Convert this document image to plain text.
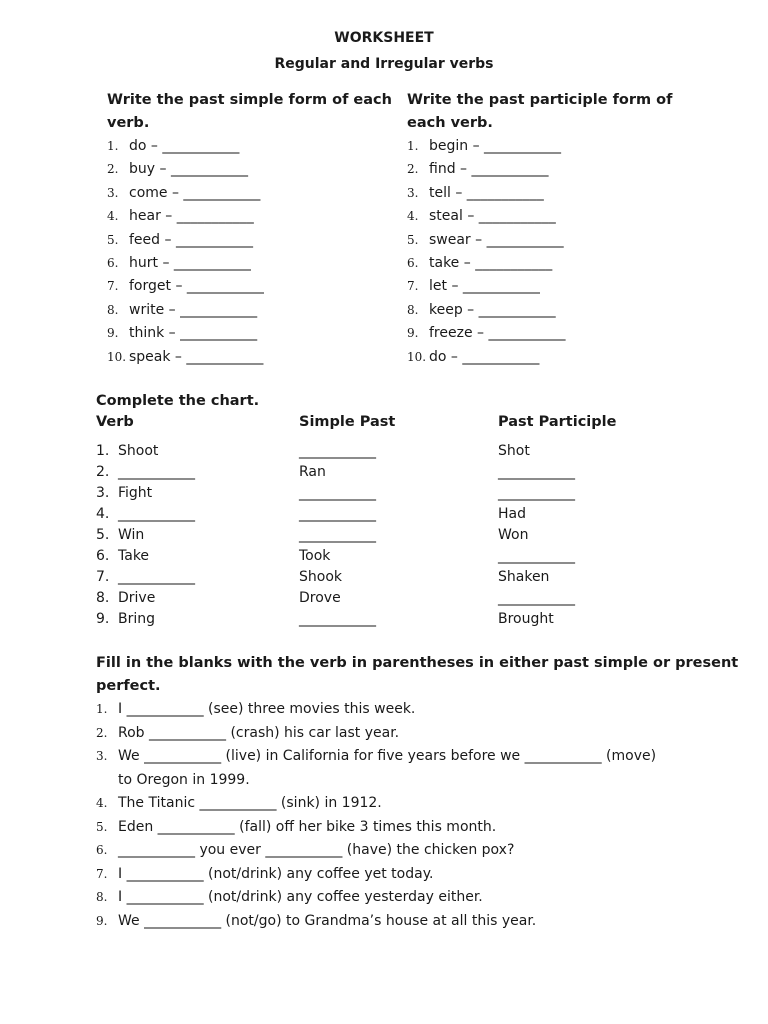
WORKSHEET
Regular and Irregular verbs
Write the past simple form of each
verb.
Write the past participle form of
each verb.
1. do – ___________
2. buy – ___________
3. come – ___________
4. hear – ___________
5. feed – ___________
6. hurt – ___________
7. forget – ___________
8. write – ___________
9. think – ___________
10. speak – ___________
1. begin – ___________
2. find – ___________
3. tell – ___________
4. steal – ___________
5. swear – ___________
6. take – ___________
7. let – ___________
8. keep – ___________
9. freeze – ___________
10. do – ___________
Complete the chart.
Verb	Simple Past	Past Participle
1. Shoot	___________	Shot
2. ___________	Ran	___________
3. Fight	___________	___________
4. ___________	___________	Had
5. Win	___________	Won
6. Take	Took	___________
7. ___________	Shook	Shaken
8. Drive	Drove	___________
9. Bring	___________	Brought
Fill in the blanks with the verb in parentheses in either past simple or present
perfect.
1. I ___________ (see) three movies this week.
2. Rob ___________ (crash) his car last year.
3. We ___________ (live) in California for five years before we ___________ (move)
to Oregon in 1999.
4. The Titanic ___________ (sink) in 1912.
5. Eden ___________ (fall) off her bike 3 times this month.
6. ___________ you ever ___________ (have) the chicken pox?
7. I ___________ (not/drink) any coffee yet today.
8. I ___________ (not/drink) any coffee yesterday either.
9. We ___________ (not/go) to Grandma’s house at all this year.
